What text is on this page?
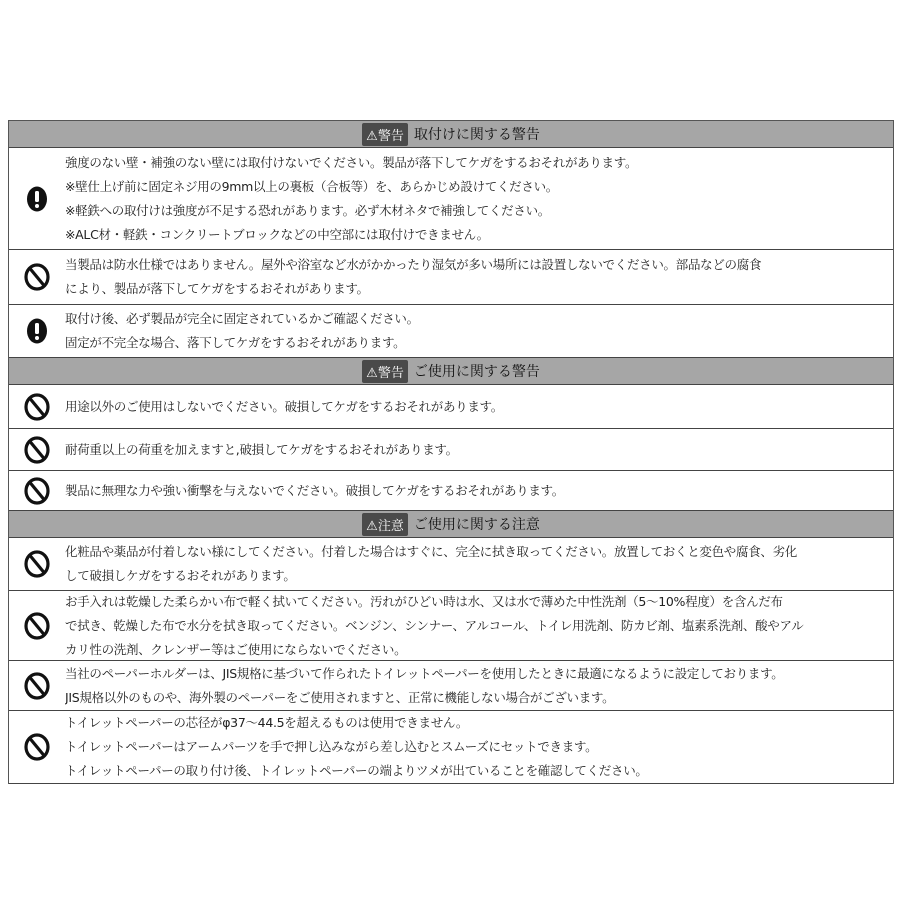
⚠警告 取付けに関する警告
強度のない壁・補強のない壁には取付けないでください。製品が落下してケガをするおそれがあります。
※壁仕上げ前に固定ネジ用の9mm以上の裏板（合板等）を、あらかじめ設けてください。
※軽鉄への取付けは強度が不足する恐れがあります。必ず木材ネタで補強してください。
※ALC材・軽鉄・コンクリートブロックなどの中空部には取付けできません。
当製品は防水仕様ではありません。屋外や浴室など水がかかったり湿気が多い場所には設置しないでください。部品などの腐食
により、製品が落下してケガをするおそれがあります。
取付け後、必ず製品が完全に固定されているかご確認ください。
固定が不完全な場合、落下してケガをするおそれがあります。
⚠警告 ご使用に関する警告
用途以外のご使用はしないでください。破損してケガをするおそれがあります。
耐荷重以上の荷重を加えますと,破損してケガをするおそれがあります。
製品に無理な力や強い衝撃を与えないでください。破損してケガをするおそれがあります。
⚠注意 ご使用に関する注意
化粧品や薬品が付着しない様にしてください。付着した場合はすぐに、完全に拭き取ってください。放置しておくと変色や腐食、劣化
して破損しケガをするおそれがあります。
お手入れは乾燥した柔らかい布で軽く拭いてください。汚れがひどい時は水、又は水で薄めた中性洗剤（5～10%程度）を含んだ布
で拭き、乾燥した布で水分を拭き取ってください。ベンジン、シンナー、アルコール、トイレ用洗剤、防カビ剤、塩素系洗剤、酸やアル
カリ性の洗剤、クレンザー等はご使用にならないでください。
当社のペーパーホルダーは、JIS規格に基づいて作られたトイレットペーパーを使用したときに最適になるように設定しております。
JIS規格以外のものや、海外製のペーパーをご使用されますと、正常に機能しない場合がございます。
トイレットペーパーの芯径がφ37～44.5を超えるものは使用できません。
トイレットペーパーはアームパーツを手で押し込みながら差し込むとスムーズにセットできます。
トイレットペーパーの取り付け後、トイレットペーパーの端よりツメが出ていることを確認してください。
